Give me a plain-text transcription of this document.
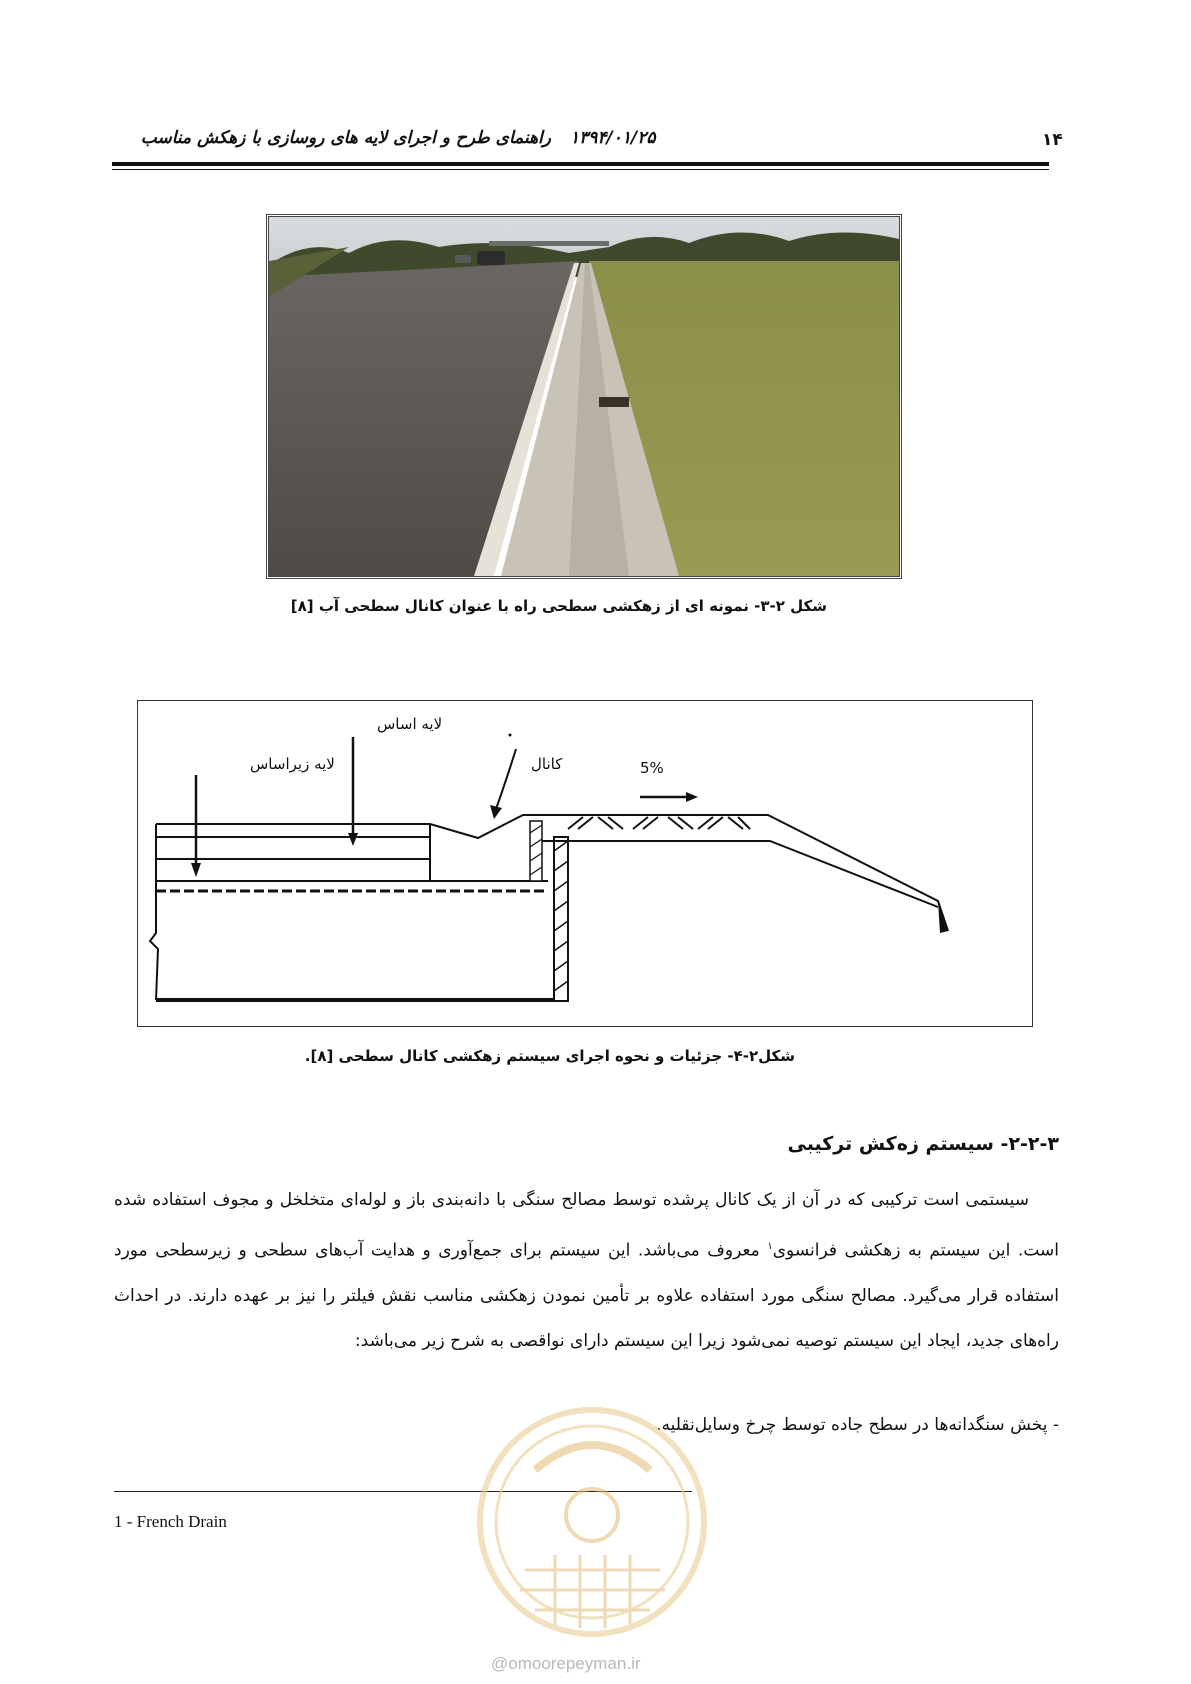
۱۴
۱۳۹۴/۰۱/۲۵
راهنمای طرح و اجرای لایه های روسازی با زهکش مناسب
شکل ۲-۳- نمونه ای از زهکشی سطحی راه با عنوان کانال سطحی آب [۸]
لایه اساس
لایه زیراساس	کانال	5%
شکل۲-۴- جزئیات و نحوه اجرای سیستم زهکشی کانال سطحی [۸].
۲-۲-۳- سیستم زه‌کش ترکیبی
سیستمی است ترکیبی که در آن از یک کانال پرشده توسط مصالح سنگی با دانه‌بندی باز و لوله‌ای متخلخل و مجوف استفاده شده است. این سیستم به زهکشی فرانسوی$^۱$ معروف می‌باشد. این سیستم برای جمع‌آوری و هدایت آب‌های سطحی و زیرسطحی مورد استفاده قرار می‌گیرد. مصالح سنگی مورد استفاده علاوه بر تأمین نمودن زهکشی مناسب نقش فیلتر را نیز بر عهده دارند. در احداث راه‌های جدید، ایجاد این سیستم توصیه نمی‌شود زیرا این سیستم دارای نواقصی به شرح زیر می‌باشد:
- پخش سنگدانه‌ها در سطح جاده توسط چرخ وسایل‌نقلیه.
1 - French Drain
@omoorepeyman.ir
